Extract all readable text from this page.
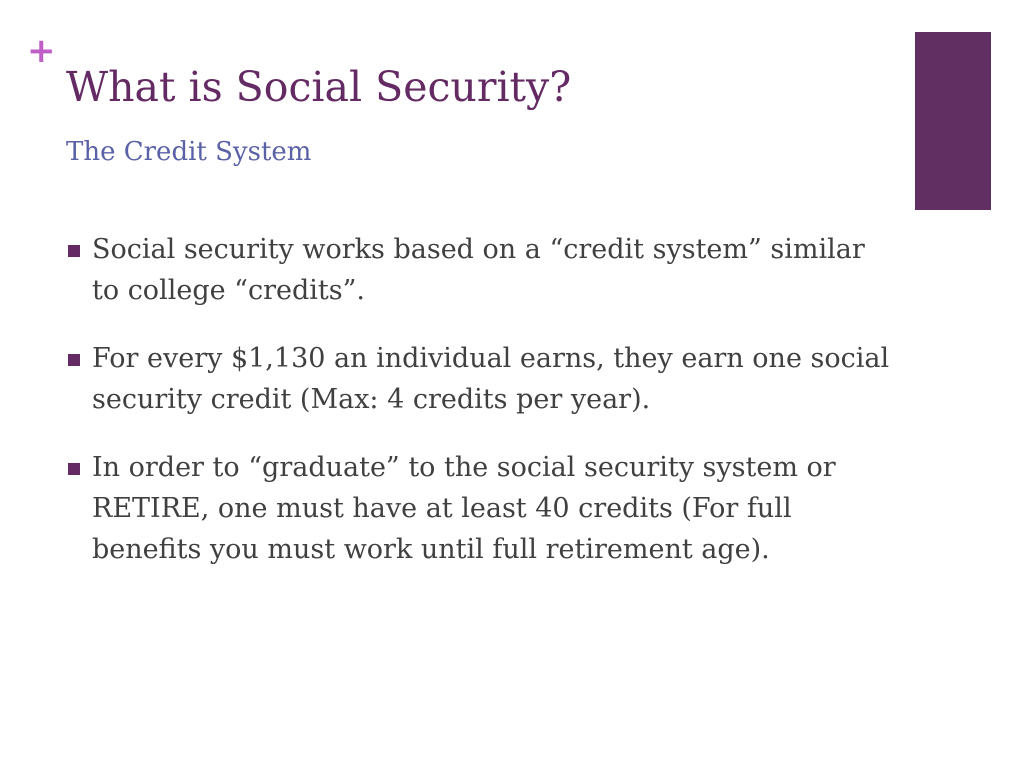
+
What is Social Security?
The Credit System
Social security works based on a “credit system” similar to college “credits”.
For every $1,130 an individual earns, they earn one social security credit (Max: 4 credits per year).
In order to “graduate” to the social security system or RETIRE, one must have at least 40 credits (For full benefits you must work until full retirement age).
